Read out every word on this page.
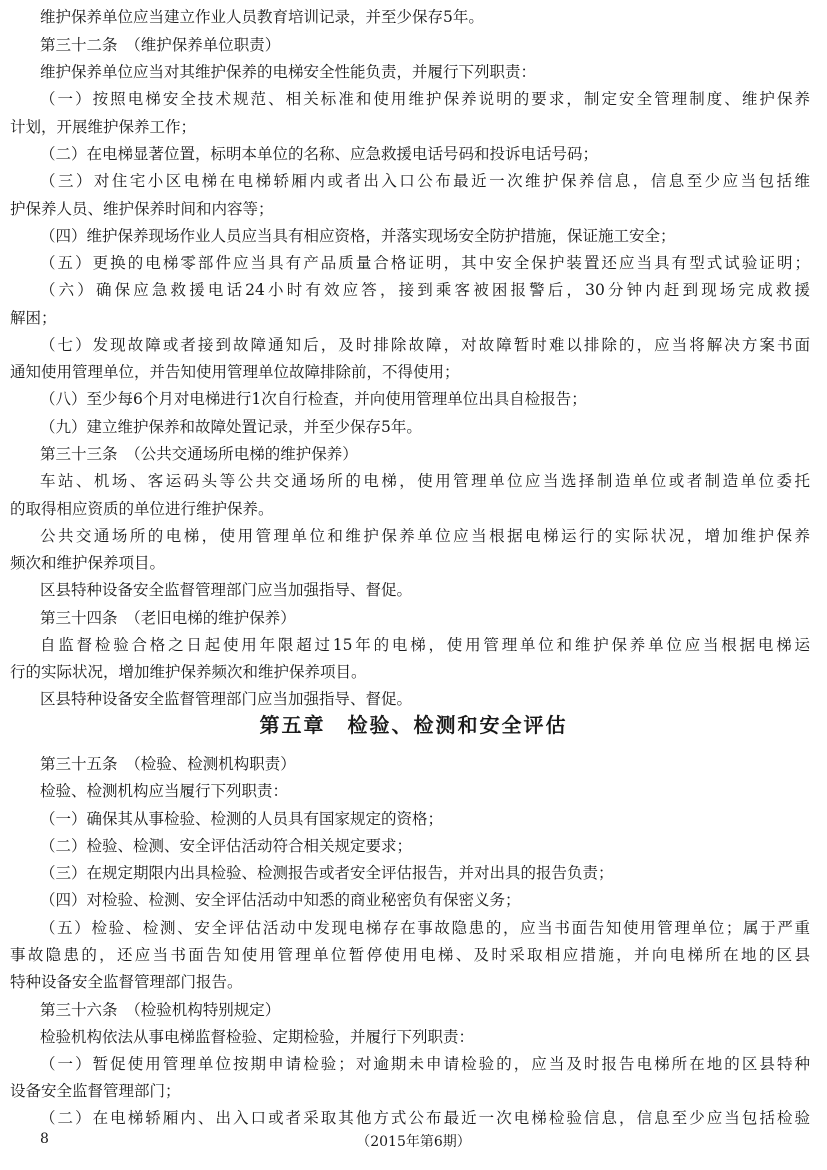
维护保养单位应当建立作业人员教育培训记录，并至少保存5年。
第三十二条　（维护保养单位职责）
维护保养单位应当对其维护保养的电梯安全性能负责，并履行下列职责：
（一）按照电梯安全技术规范、相关标准和使用维护保养说明的要求，制定安全管理制度、维护保养
计划，开展维护保养工作；
（二）在电梯显著位置，标明本单位的名称、应急救援电话号码和投诉电话号码；
（三）对住宅小区电梯在电梯轿厢内或者出入口公布最近一次维护保养信息，信息至少应当包括维
护保养人员、维护保养时间和内容等；
（四）维护保养现场作业人员应当具有相应资格，并落实现场安全防护措施，保证施工安全；
（五）更换的电梯零部件应当具有产品质量合格证明，其中安全保护装置还应当具有型式试验证明；
（六）确保应急救援电话24小时有效应答，接到乘客被困报警后，30分钟内赶到现场完成救援
解困；
（七）发现故障或者接到故障通知后，及时排除故障，对故障暂时难以排除的，应当将解决方案书面
通知使用管理单位，并告知使用管理单位故障排除前，不得使用；
（八）至少每6个月对电梯进行1次自行检查，并向使用管理单位出具自检报告；
（九）建立维护保养和故障处置记录，并至少保存5年。
第三十三条　（公共交通场所电梯的维护保养）
车站、机场、客运码头等公共交通场所的电梯，使用管理单位应当选择制造单位或者制造单位委托
的取得相应资质的单位进行维护保养。
公共交通场所的电梯，使用管理单位和维护保养单位应当根据电梯运行的实际状况，增加维护保养
频次和维护保养项目。
区县特种设备安全监督管理部门应当加强指导、督促。
第三十四条　（老旧电梯的维护保养）
自监督检验合格之日起使用年限超过15年的电梯，使用管理单位和维护保养单位应当根据电梯运
行的实际状况，增加维护保养频次和维护保养项目。
区县特种设备安全监督管理部门应当加强指导、督促。
第五章　检验、检测和安全评估
第三十五条　（检验、检测机构职责）
检验、检测机构应当履行下列职责：
（一）确保其从事检验、检测的人员具有国家规定的资格；
（二）检验、检测、安全评估活动符合相关规定要求；
（三）在规定期限内出具检验、检测报告或者安全评估报告，并对出具的报告负责；
（四）对检验、检测、安全评估活动中知悉的商业秘密负有保密义务；
（五）检验、检测、安全评估活动中发现电梯存在事故隐患的，应当书面告知使用管理单位；属于严重
事故隐患的，还应当书面告知使用管理单位暂停使用电梯、及时采取相应措施，并向电梯所在地的区县
特种设备安全监督管理部门报告。
第三十六条　（检验机构特别规定）
检验机构依法从事电梯监督检验、定期检验，并履行下列职责：
（一）暂促使用管理单位按期申请检验；对逾期未申请检验的，应当及时报告电梯所在地的区县特种
设备安全监督管理部门；
（二）在电梯轿厢内、出入口或者采取其他方式公布最近一次电梯检验信息，信息至少应当包括检验
8	（2015年第6期）
